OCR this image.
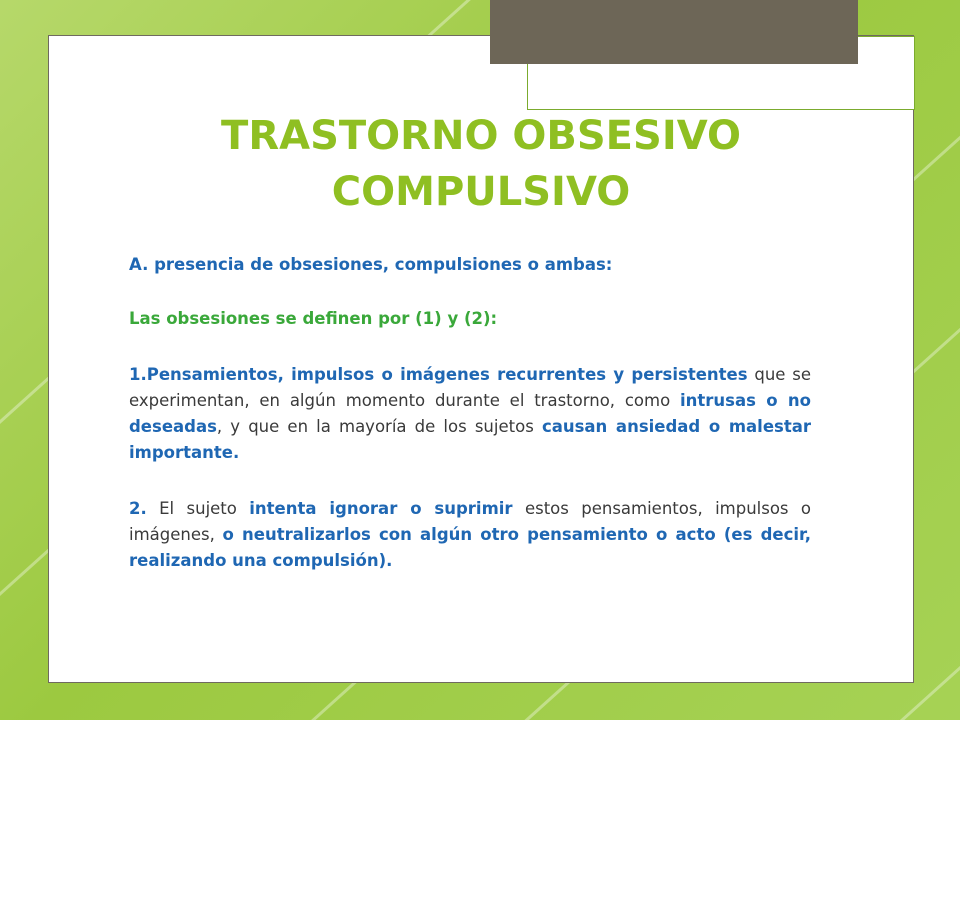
TRASTORNO OBSESIVO
COMPULSIVO

A. presencia de obsesiones, compulsiones o ambas:

Las obsesiones se definen por (1) y (2):

1.Pensamientos, impulsos o imágenes recurrentes y persistentes que se experimentan, en algún momento durante el trastorno, como intrusas o no deseadas, y que en la mayoría de los sujetos causan ansiedad o malestar importante.

2. El sujeto intenta ignorar o suprimir estos pensamientos, impulsos o imágenes, o neutralizarlos con algún otro pensamiento o acto (es decir, realizando una compulsión).
